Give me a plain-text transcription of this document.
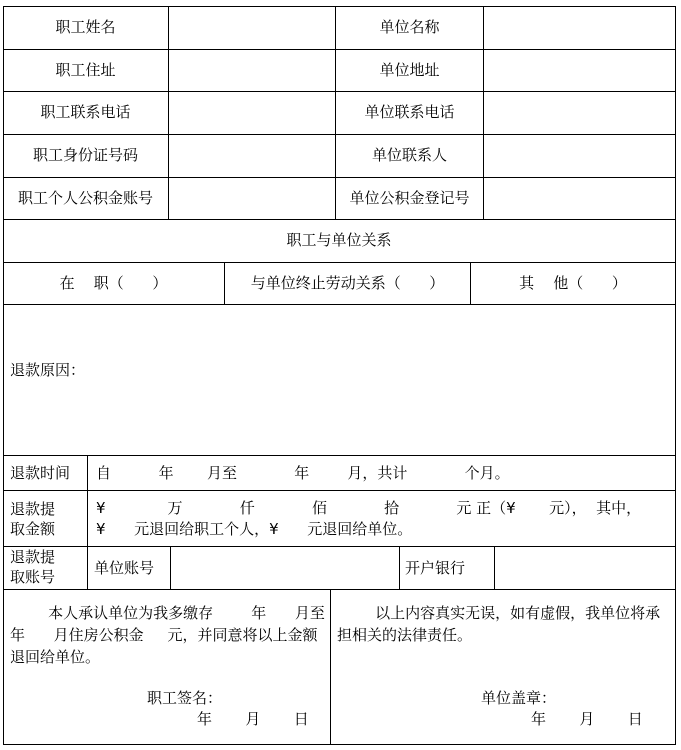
职工姓名	单位名称
职工住址	单位地址
职工联系电话	单位联系电话
职工身份证号码	单位联系人
职工个人公积金账号	单位公积金登记号
职工与单位关系
在    职（      ）	与单位终止劳动关系（      ）	其    他（      ）
退款原因：
退款时间 自          年       月至            年        月，共计            个月。
退款提
取金额
¥             万            仟            佰            拾            元 正（¥       元），  其中，
¥      元退回给职工个人，¥      元退回给单位。
退款提
取账号	单位账号	开户银行
本人承认单位为我多缴存        年      月至
年      月住房公积金     元，并同意将以上金额
退回给单位。
职工签名：
年       月       日
以上内容真实无误，如有虚假，我单位将承
担相关的法律责任。
单位盖章：
年       月       日
